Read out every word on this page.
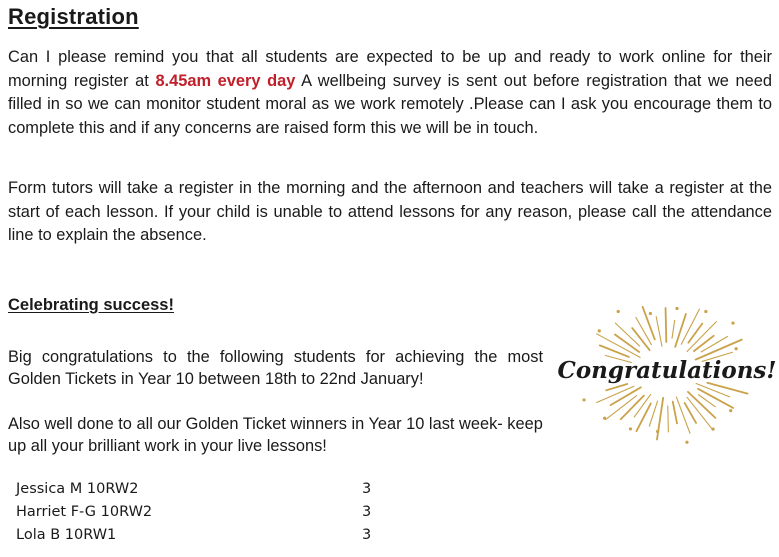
Registration

Can I please remind you that all students are expected to be up and ready to work online for their morning register at 8.45am every day A wellbeing survey is sent out before registration that we need filled in so we can monitor student moral as we work remotely .Please can I ask you encourage them to complete this and if any concerns are raised form this we will be in touch.

Form tutors will take a register in the morning and the afternoon and teachers will take a register at the start of each lesson. If your child is unable to attend lessons for any reason, please call the attendance line to explain the absence.

Celebrating success!

Big congratulations to the following students for achieving the most Golden Tickets in Year 10 between 18th to 22nd January!

Also well done to all our Golden Ticket winners in Year 10 last week- keep up all your brilliant work in your live lessons!

Jessica M 10RW2	3
Harriet F-G 10RW2	3
Lola B 10RW1	3
Congratulations!
